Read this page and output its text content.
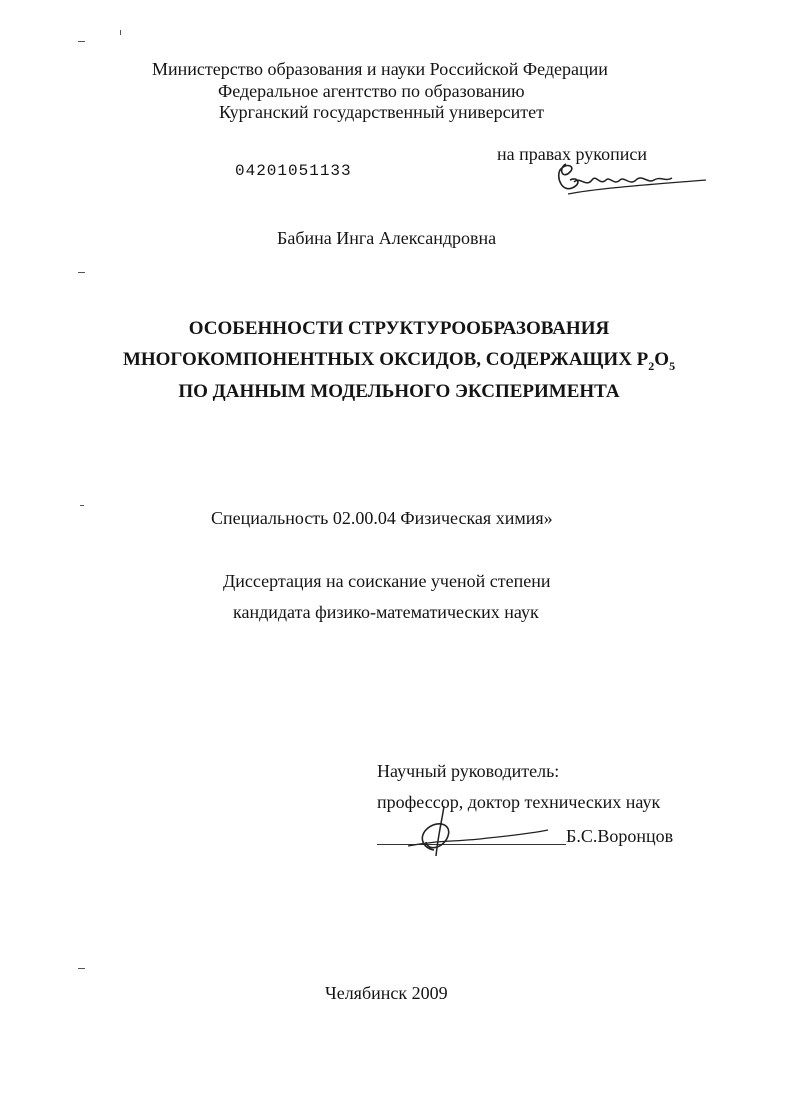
Министерство образования и науки Российской Федерации
Федеральное агентство по образованию
Курганский государственный университет
на правах рукописи
04201051133
Бабина Инга Александровна
ОСОБЕННОСТИ СТРУКТУРООБРАЗОВАНИЯ
МНОГОКОМПОНЕНТНЫХ ОКСИДОВ, СОДЕРЖАЩИХ $P_2O_5$
ПО ДАННЫМ МОДЕЛЬНОГО ЭКСПЕРИМЕНТА
Специальность 02.00.04 Физическая химия»
Диссертация на соискание ученой степени
кандидата физико-математических наук
Научный руководитель:
профессор, доктор технических наук
Б.С.Воронцов
Челябинск 2009
